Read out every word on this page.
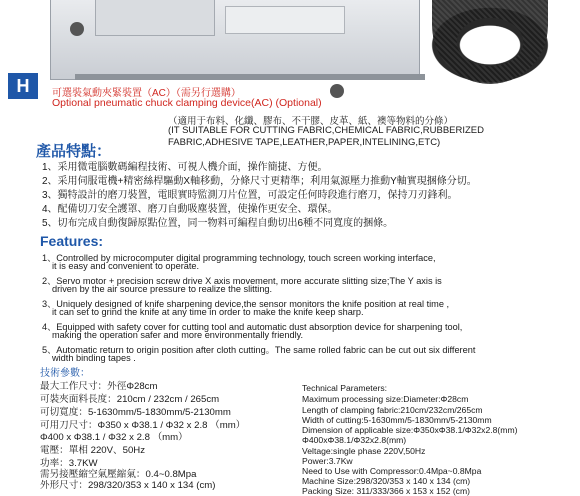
H	可選裝氣動夾緊裝置（AC）（需另行選購）
Optional pneumatic chuck clamping device(AC) (Optional)
（適用于布料、化纖、膠布、不干膠、皮革、紙、襖等物料的分條）
(IT SUITABLE FOR CUTTING FABRIC,CHEMICAL FABRIC,RUBBERIZED
FABRIC,ADHESIVE TAPE,LEATHER,PAPER,INTELINING,ETC)
產品特點：
1、采用微電腦數碼編程技術、可視人機介面，操作簡捷、方便。
2、采用伺服電機+精密絲桿驅動X軸移動，分條尺寸更精準；利用氣源壓力推動Y軸實現捆條分切。
3、獨特設計的磨刀裝置，電眼實時監測刀片位置，可設定任何時段進行磨刀，保持刀刃鋒利。
4、配備切刀安全護罩、磨刀自動吸塵裝置，使操作更安全、環保。
5、切布完成自動復歸原點位置，同一物料可編程自動切出6種不同寬度的捆條。
Features:
1、Controlled by microcomputer digital programming technology, touch screen working interface,
it is easy and convenient to operate.
2、Servo motor + precision screw drive X axis movement, more accurate slitting size;The Y axis is
driven by the air source pressure to realize the slitting.
3、Uniquely designed of knife sharpening device,the sensor monitors the knife position at real time ,
it can set to grind the knife at any time in order to make the knife keep sharp.
4、Equipped with safety cover for cutting tool and automatic dust absorption device for sharpening tool,
making the operation safer and more environmentally friendly.
5、Automatic return to origin position after cloth cutting。The same rolled fabric can be cut out six different
width binding tapes .
技術參數：
最大工作尺寸：外徑Φ28cm
可裝夾面料長度：210cm / 232cm / 265cm
可切寬度：5-1630mm/5-1830mm/5-2130mm
可用刀尺寸：Φ350 x Φ38.1 / Φ32 x 2.8 （mm）
Φ400 x Φ38.1 / Φ32 x 2.8 （mm）
電壓：單相 220V、50Hz
功率：3.7KW
需另接壓縮空氣壓縮氣：0.4~0.8Mpa
外形尺寸：298/320/353 x 140 x 134 (cm)
Technical Parameters:
Maximum processing size:Diameter:Φ28cm
Length of clamping fabric:210cm/232cm/265cm
Width of cutting:5-1630mm/5-1830mm/5-2130mm
Dimension of applicable size:Φ350xΦ38.1/Φ32x2.8(mm)
Φ400xΦ38.1/Φ32x2.8(mm)
Veltage:single phase 220V,50Hz
Power:3.7Kw
Need to Use with Compressor:0.4Mpa~0.8Mpa
Machine Size:298/320/353 x 140 x 134 (cm)
Packing Size: 311/333/366 x 153 x 152 (cm)
